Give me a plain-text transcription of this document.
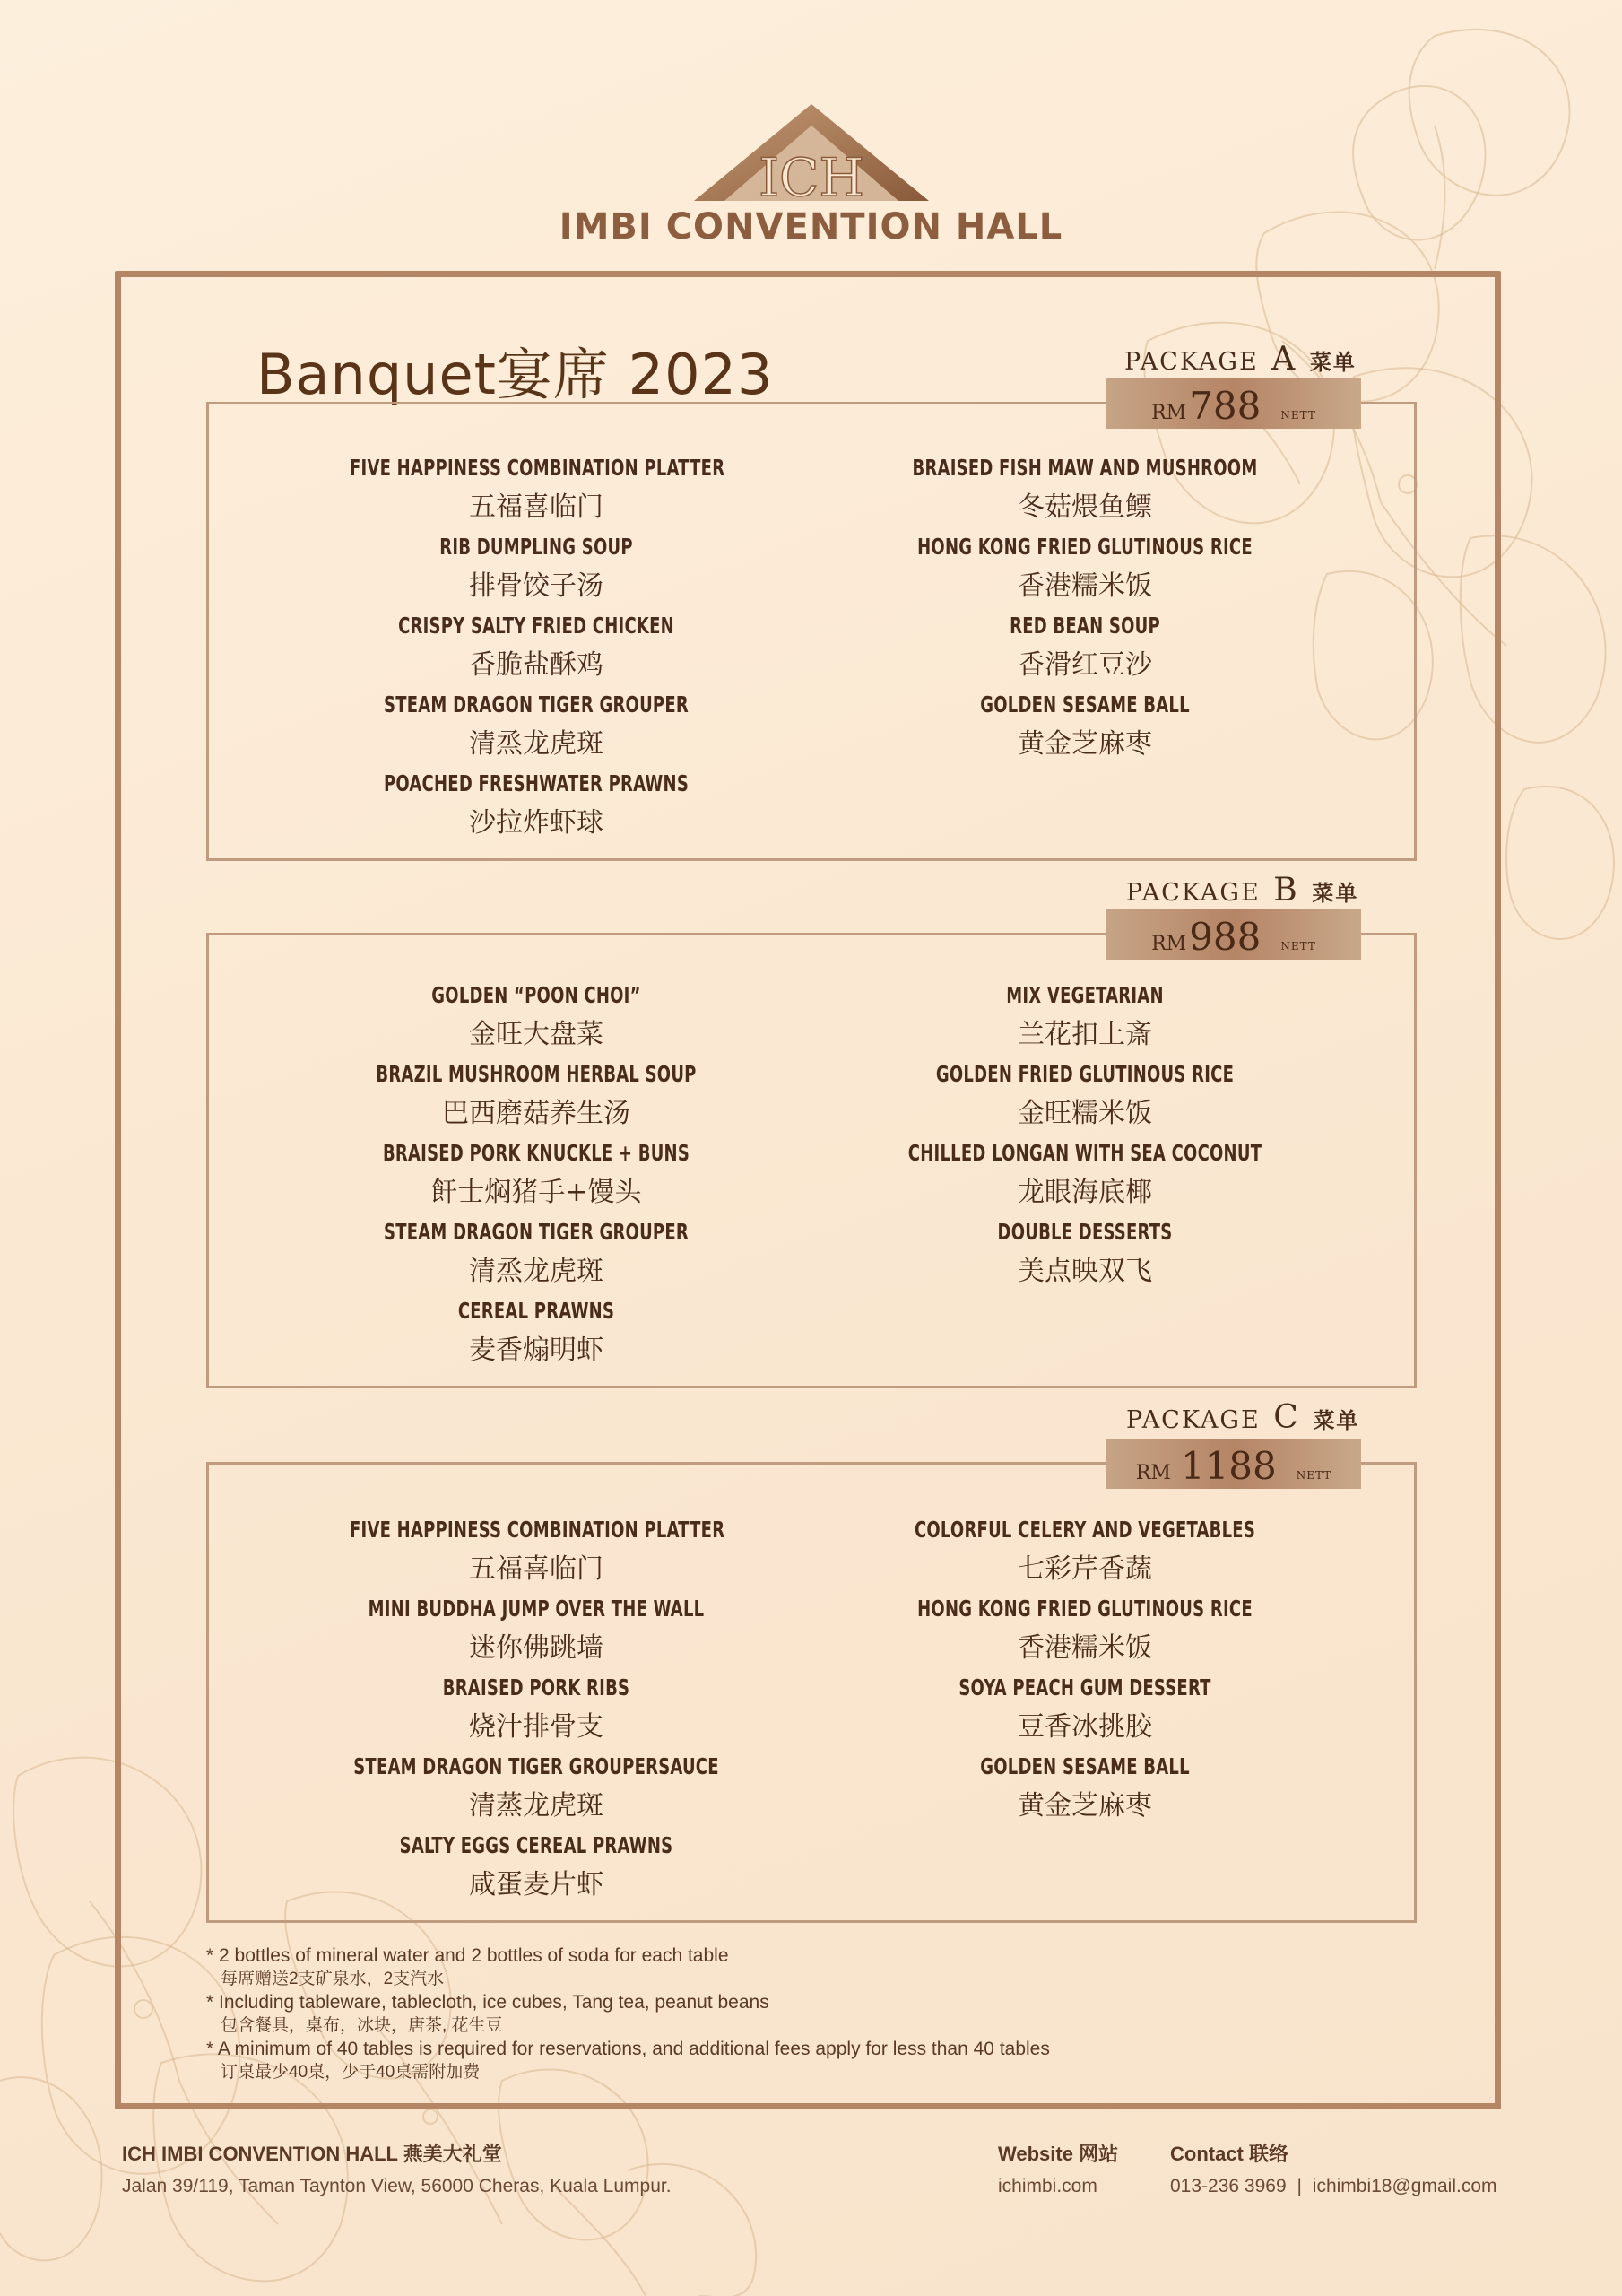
ICH
IMBI CONVENTION HALL
Banquet宴席 2023	PACKAGE A 菜单
RM 788 NETT
FIVE HAPPINESS COMBINATION PLATTER
五福喜临门
RIB DUMPLING SOUP
排骨饺子汤
CRISPY SALTY FRIED CHICKEN
香脆盐酥鸡
STEAM DRAGON TIGER GROUPER
清烝龙虎斑
POACHED FRESHWATER PRAWNS
沙拉炸虾球
BRAISED FISH MAW AND MUSHROOM
冬菇煨鱼鳔
HONG KONG FRIED GLUTINOUS RICE
香港糯米饭
RED BEAN SOUP
香滑红豆沙
GOLDEN SESAME BALL
黄金芝麻枣
PACKAGE B 菜单
RM 988 NETT
GOLDEN “POON CHOI”
金旺大盘菜
BRAZIL MUSHROOM HERBAL SOUP
巴西磨菇养生汤
BRAISED PORK KNUCKLE + BUNS
飦士焖猪手+馒头
STEAM DRAGON TIGER GROUPER
清烝龙虎斑
CEREAL PRAWNS
麦香煽明虾
MIX VEGETARIAN
兰花扣上斎
GOLDEN FRIED GLUTINOUS RICE
金旺糯米饭
CHILLED LONGAN WITH SEA COCONUT
龙眼海底椰
DOUBLE DESSERTS
美点映双飞
PACKAGE C 菜单
RM 1188 NETT
FIVE HAPPINESS COMBINATION PLATTER
五福喜临门
MINI BUDDHA JUMP OVER THE WALL
迷你佛跳墙
BRAISED PORK RIBS
烧汁排骨支
STEAM DRAGON TIGER GROUPERSAUCE
清蒸龙虎斑
SALTY EGGS CEREAL PRAWNS
咸蛋麦片虾
COLORFUL CELERY AND VEGETABLES
七彩芹香蔬
HONG KONG FRIED GLUTINOUS RICE
香港糯米饭
SOYA PEACH GUM DESSERT
豆香冰挑胶
GOLDEN SESAME BALL
黄金芝麻枣
* 2 bottles of mineral water and 2 bottles of soda for each table
每席赠送2支矿泉水，2支汽水
* Including tableware, tablecloth, ice cubes, Tang tea, peanut beans
包含餐具，桌布，冰块，唐茶, 花生豆
* A minimum of 40 tables is required for reservations, and additional fees apply for less than 40 tables
订桌最少40桌，少于40桌需附加费
ICH IMBI CONVENTION HALL 燕美大礼堂
Jalan 39/119, Taman Taynton View, 56000 Cheras, Kuala Lumpur.
Website 网站
ichimbi.com
Contact 联络
013-236 3969 | ichimbi18@gmail.com
